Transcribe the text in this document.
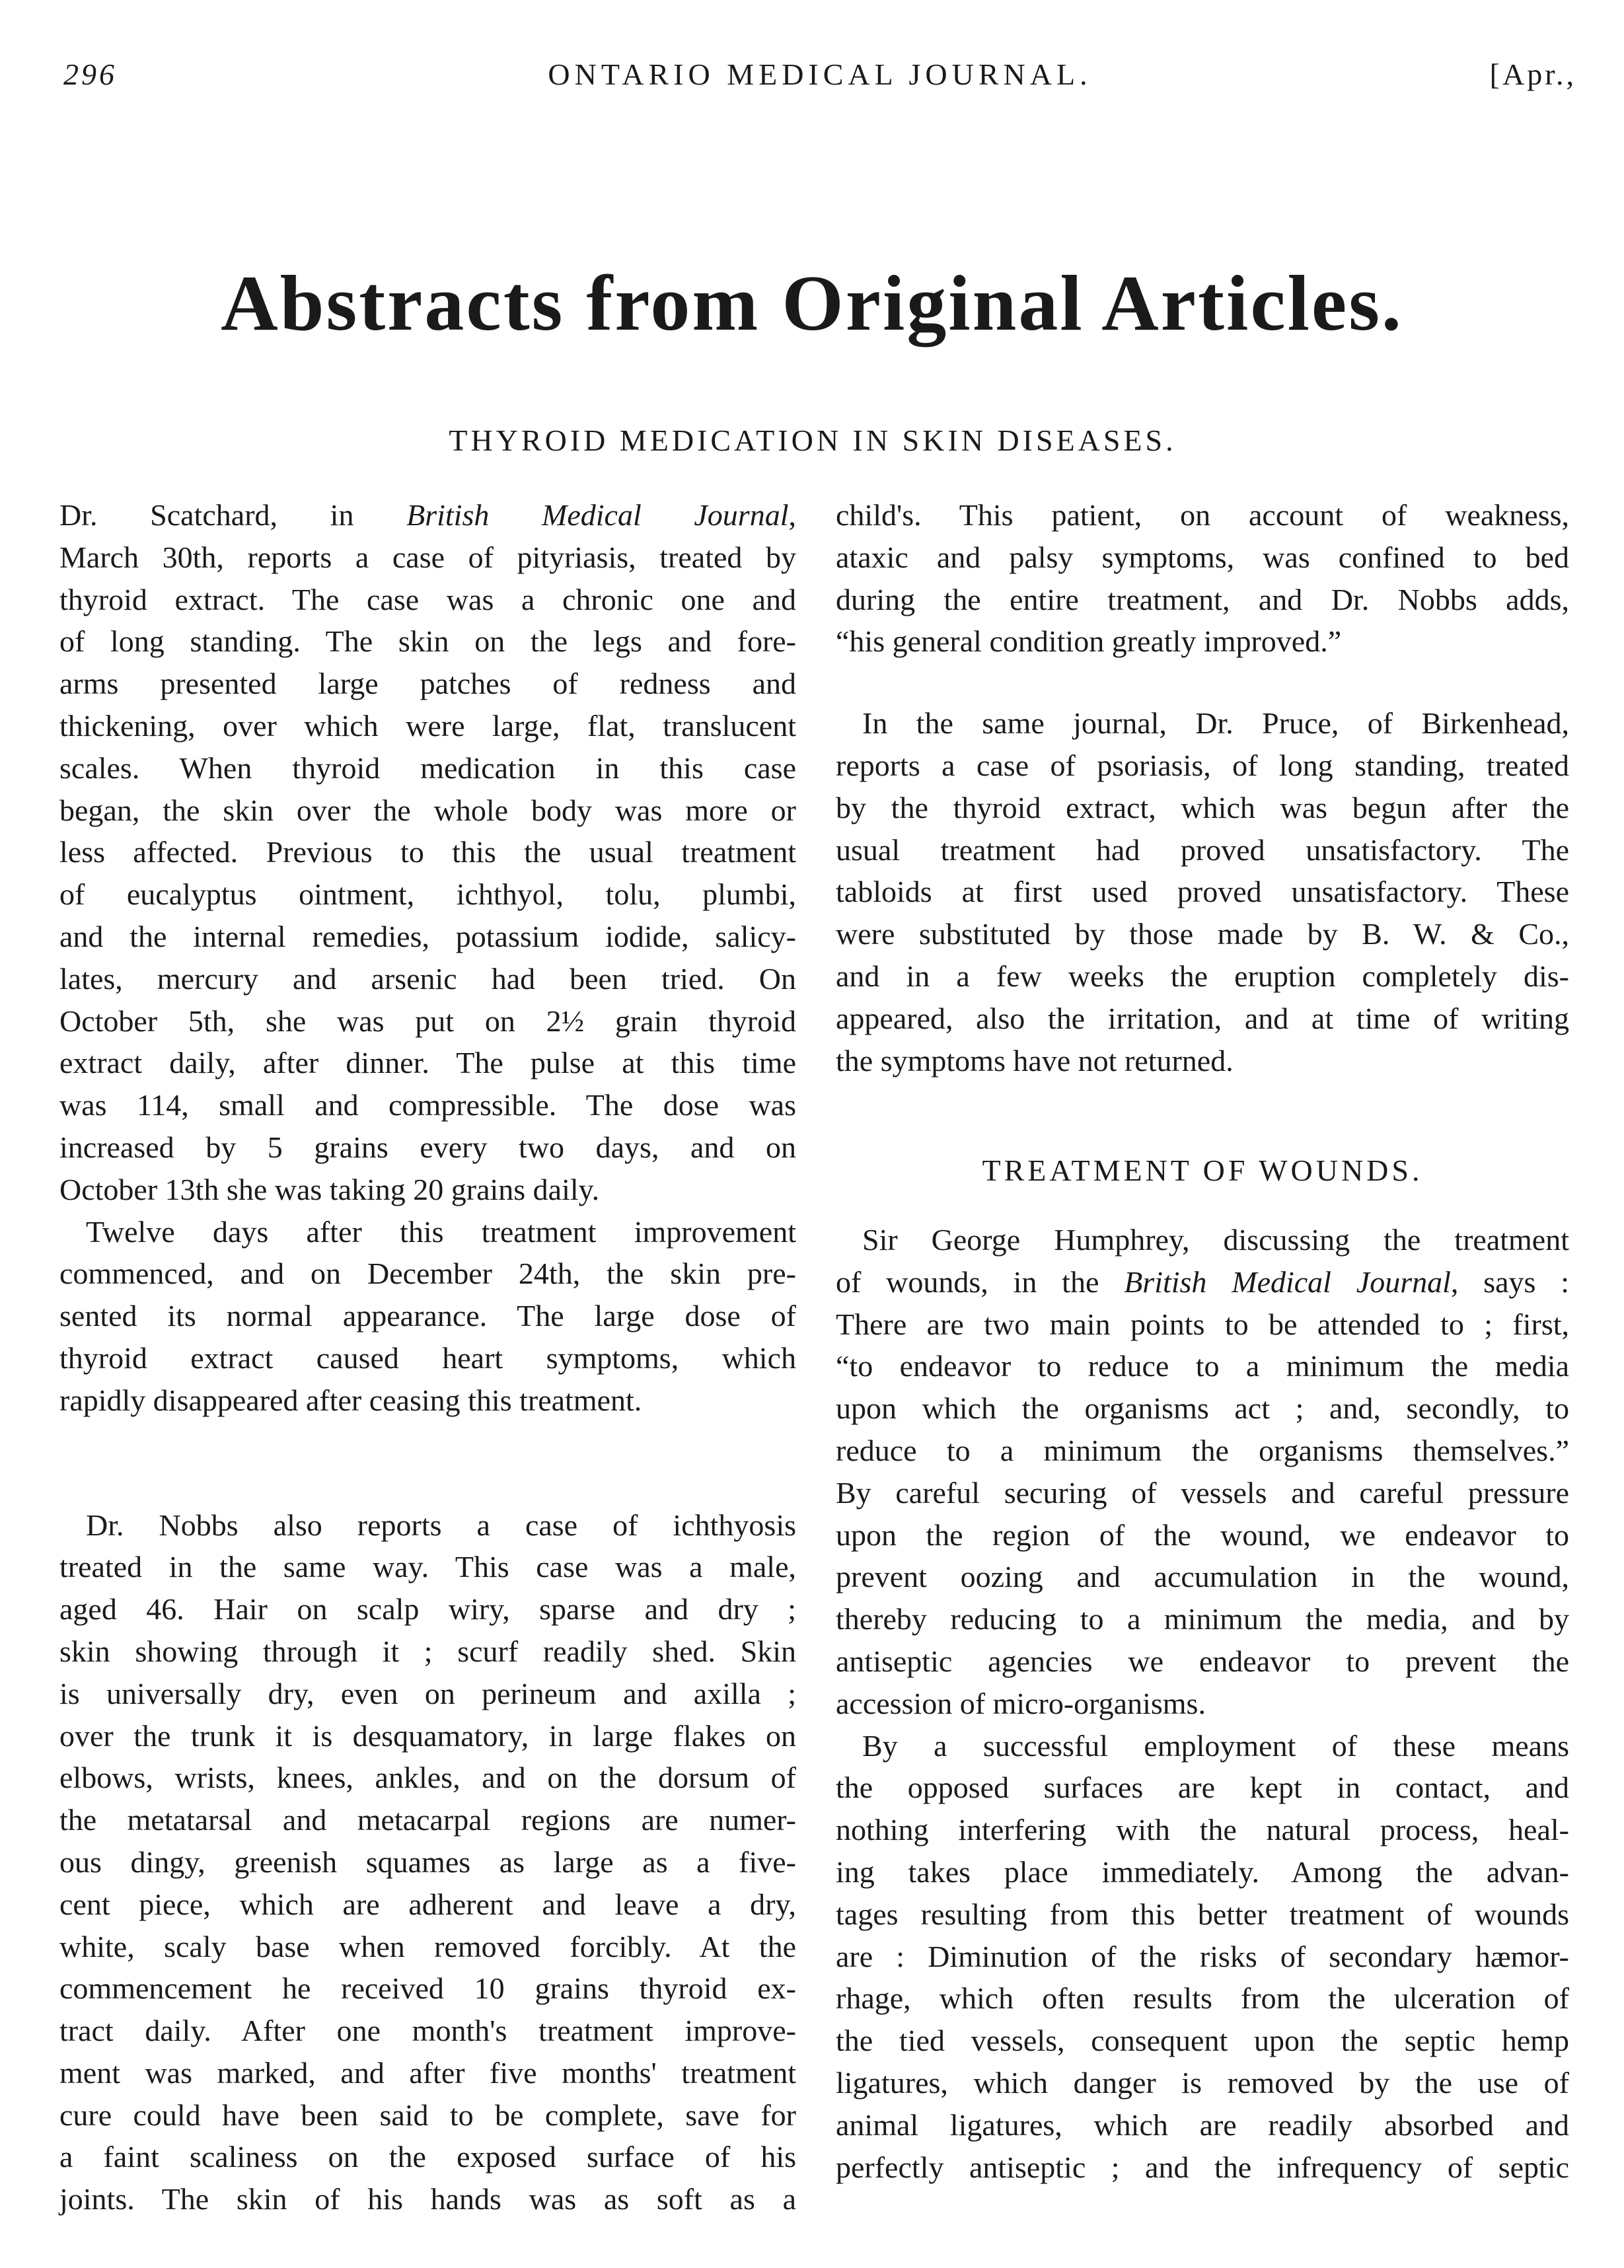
296	ONTARIO MEDICAL JOURNAL.	[Apr.,
Abstracts from Original Articles.
THYROID MEDICATION IN SKIN DISEASES.
Dr. Scatchard, in British Medical Journal,
March 30th, reports a case of pityriasis, treated by
thyroid extract. The case was a chronic one and
of long standing. The skin on the legs and fore-
arms presented large patches of redness and
thickening, over which were large, flat, translucent
scales. When thyroid medication in this case
began, the skin over the whole body was more or
less affected. Previous to this the usual treatment
of eucalyptus ointment, ichthyol, tolu, plumbi,
and the internal remedies, potassium iodide, salicy-
lates, mercury and arsenic had been tried. On
October 5th, she was put on 2½ grain thyroid
extract daily, after dinner. The pulse at this time
was 114, small and compressible. The dose was
increased by 5 grains every two days, and on
October 13th she was taking 20 grains daily.
Twelve days after this treatment improvement
commenced, and on December 24th, the skin pre-
sented its normal appearance. The large dose of
thyroid extract caused heart symptoms, which
rapidly disappeared after ceasing this treatment.
Dr. Nobbs also reports a case of ichthyosis
treated in the same way. This case was a male,
aged 46. Hair on scalp wiry, sparse and dry ;
skin showing through it ; scurf readily shed. Skin
is universally dry, even on perineum and axilla ;
over the trunk it is desquamatory, in large flakes on
elbows, wrists, knees, ankles, and on the dorsum of
the metatarsal and metacarpal regions are numer-
ous dingy, greenish squames as large as a five-
cent piece, which are adherent and leave a dry,
white, scaly base when removed forcibly. At the
commencement he received 10 grains thyroid ex-
tract daily. After one month's treatment improve-
ment was marked, and after five months' treatment
cure could have been said to be complete, save for
a faint scaliness on the exposed surface of his
joints. The skin of his hands was as soft as a
child's. This patient, on account of weakness,
ataxic and palsy symptoms, was confined to bed
during the entire treatment, and Dr. Nobbs adds,
“his general condition greatly improved.”
In the same journal, Dr. Pruce, of Birkenhead,
reports a case of psoriasis, of long standing, treated
by the thyroid extract, which was begun after the
usual treatment had proved unsatisfactory. The
tabloids at first used proved unsatisfactory. These
were substituted by those made by B. W. & Co.,
and in a few weeks the eruption completely dis-
appeared, also the irritation, and at time of writing
the symptoms have not returned.
TREATMENT OF WOUNDS.
Sir George Humphrey, discussing the treatment
of wounds, in the British Medical Journal, says :
There are two main points to be attended to ; first,
“to endeavor to reduce to a minimum the media
upon which the organisms act ; and, secondly, to
reduce to a minimum the organisms themselves.”
By careful securing of vessels and careful pressure
upon the region of the wound, we endeavor to
prevent oozing and accumulation in the wound,
thereby reducing to a minimum the media, and by
antiseptic agencies we endeavor to prevent the
accession of micro-organisms.
By a successful employment of these means
the opposed surfaces are kept in contact, and
nothing interfering with the natural process, heal-
ing takes place immediately. Among the advan-
tages resulting from this better treatment of wounds
are : Diminution of the risks of secondary hæmor-
rhage, which often results from the ulceration of
the tied vessels, consequent upon the septic hemp
ligatures, which danger is removed by the use of
animal ligatures, which are readily absorbed and
perfectly antiseptic ; and the infrequency of septic
